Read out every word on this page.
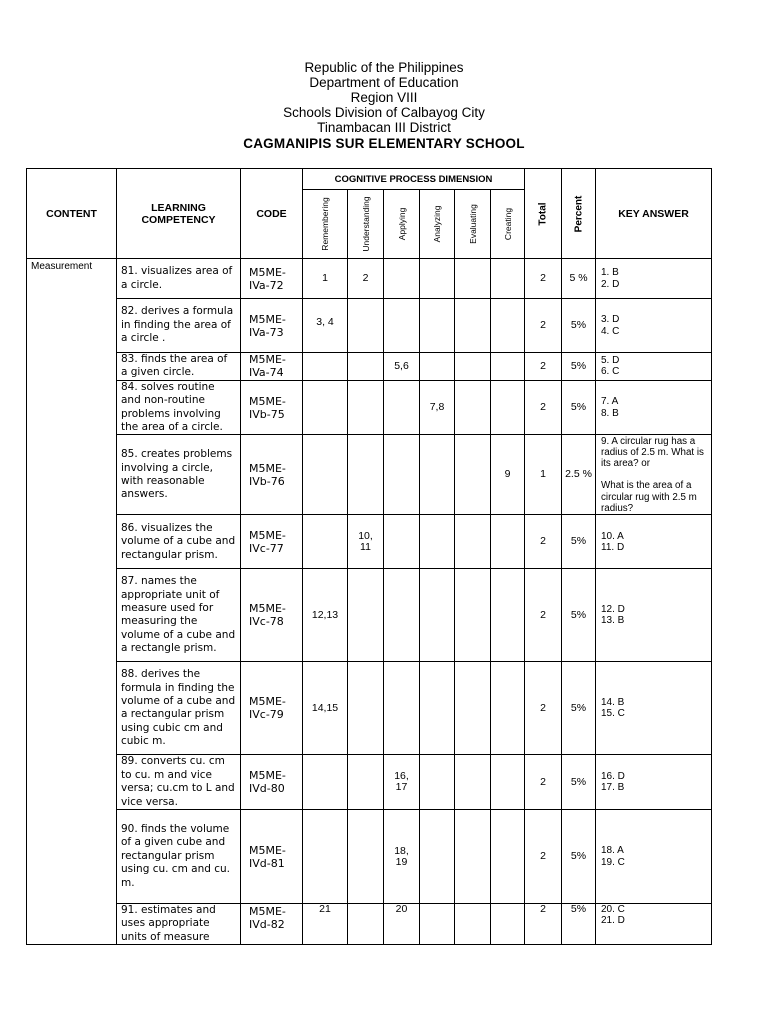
Republic of the Philippines
Department of Education
Region VIII
Schools Division of Calbayog City
Tinambacan III District
CAGMANIPIS SUR ELEMENTARY SCHOOL
CONTENT	LEARNING COMPETENCY	CODE	COGNITIVE PROCESS DIMENSION						Total	Percent	KEY ANSWER

			Remembering	Understanding	Applying	Analyzing	Evaluating	Creating			

Measurement	81. visualizes area of a circle.	M5ME-IVa-72	1	2					2	5 %	1. B
2. D

	82. derives a formula in finding the area of a circle .	M5ME-IVa-73	3, 4						2	5%	3. D
4. C

	83. finds the area of a given circle.	M5ME-IVa-74			5,6				2	5%	5. D
6. C

	84. solves routine and non-routine problems involving the area of a circle.	M5ME-IVb-75				7,8			2	5%	7. A
8. B

	85. creates problems involving a circle, with reasonable answers.	M5ME-IVb-76						9	1	2.5 %	9. A circular rug has a radius of 2.5 m. What is its area? or
What is the area of a circular rug with 2.5 m radius?

	86. visualizes the volume of a cube and rectangular prism.	M5ME-IVc-77		10, 11					2	5%	10. A
11. D

	87. names the appropriate unit of measure used for measuring the volume of a cube and a rectangle prism.	M5ME-IVc-78	12,13						2	5%	12. D
13. B

	88. derives the formula in finding the volume of a cube and a rectangular prism using cubic cm and cubic m.	M5ME-IVc-79	14,15						2	5%	14. B
15. C

	89. converts cu. cm to cu. m and vice versa; cu.cm to L and vice versa.	M5ME-IVd-80			16, 17				2	5%	16. D
17. B

	90. finds the volume of a given cube and rectangular prism using cu. cm and cu. m.	M5ME-IVd-81			18, 19				2	5%	18. A
19. C

	91. estimates and uses appropriate units of measure	M5ME-IVd-82	21		20				2	5%	20. C
21. D
